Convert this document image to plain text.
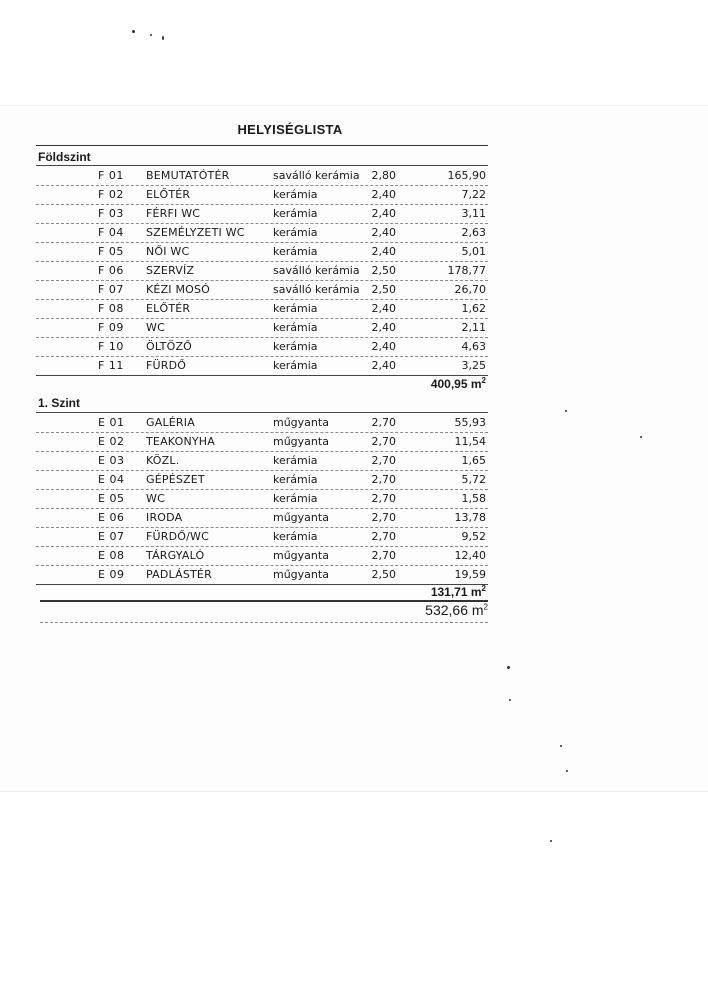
HELYISÉGLISTA
Földszint
F 01 BEMUTATÓTÉR	saválló kerámia	2,80	165,90
F 02 ELŐTÉR	kerámia	2,40	7,22
F 03 FÉRFI WC	kerámia	2,40	3,11
F 04 SZEMÉLYZETI WC	kerámia	2,40	2,63
F 05 NŐI WC	kerámia	2,40	5,01
F 06 SZERVÍZ	saválló kerámia	2,50	178,77
F 07 KÉZI MOSÓ	saválló kerámia	2,50	26,70
F 08 ELŐTÉR	kerámia	2,40	1,62
F 09 WC	kerámia	2,40	2,11
F 10 ÖLTÖZŐ	kerámia	2,40	4,63
F 11 FÜRDŐ	kerámia	2,40	3,25
400,95 $m^2$
1. Szint
E 01 GALÉRIA	műgyanta	2,70	55,93
E 02 TEAKONYHA	műgyanta	2,70	11,54
E 03 KÖZL.	kerámia	2,70	1,65
E 04 GÉPÉSZET	kerámia	2,70	5,72
E 05 WC	kerámia	2,70	1,58
E 06 IRODA	műgyanta	2,70	13,78
E 07 FÜRDŐ/WC	kerámia	2,70	9,52
E 08 TÁRGYALÓ	műgyanta	2,70	12,40
E 09 PADLÁSTÉR	műgyanta	2,50	19,59
131,71 $m^2$
532,66 $m^2$
